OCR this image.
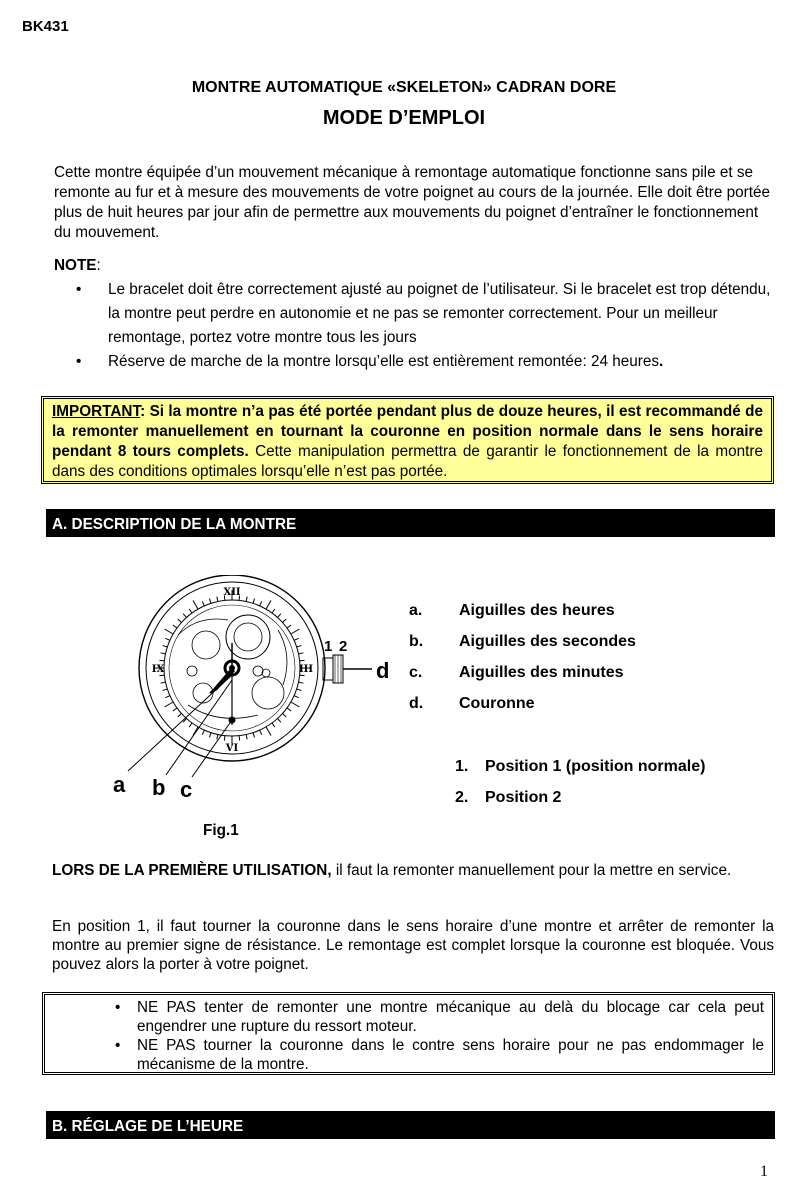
BK431
MONTRE AUTOMATIQUE «SKELETON» CADRAN DORE
MODE D’EMPLOI
Cette montre équipée d’un mouvement mécanique à remontage automatique fonctionne sans pile et se remonte au fur et à mesure des mouvements de votre poignet au cours de la journée. Elle doit être portée plus de huit heures par jour afin de permettre aux mouvements du poignet d’entraîner le fonctionnement du mouvement.
NOTE:
• Le bracelet doit être correctement ajusté au poignet de l’utilisateur. Si le bracelet est trop détendu, la montre peut perdre en autonomie et ne pas se remonter correctement. Pour un meilleur remontage, portez votre montre tous les jours
• Réserve de marche de la montre lorsqu’elle est entièrement remontée: 24 heures.
IMPORTANT: Si la montre n’a pas été portée pendant plus de douze heures, il est recommandé de la remonter manuellement en tournant la couronne en position normale dans le sens horaire pendant 8 tours complets. Cette manipulation permettra de garantir le fonctionnement de la montre dans des conditions optimales lorsqu’elle n’est pas portée.
A. DESCRIPTION DE LA MONTRE
XII
III
VI
IX
1 2
d
a b c
Fig.1
a. Aiguilles des heures
b. Aiguilles des secondes
c. Aiguilles des minutes
d. Couronne
1. Position 1 (position normale)
2. Position 2
LORS DE LA PREMIÈRE UTILISATION, il faut la remonter manuellement pour la mettre en service.
En position 1, il faut tourner la couronne dans le sens horaire d’une montre et arrêter de remonter la montre au premier signe de résistance. Le remontage est complet lorsque la couronne est bloquée. Vous pouvez alors la porter à votre poignet.
• NE PAS tenter de remonter une montre mécanique au delà du blocage car cela peut engendrer une rupture du ressort moteur.
• NE PAS tourner la couronne dans le contre sens horaire pour ne pas endommager le mécanisme de la montre.
B. RÉGLAGE DE L’HEURE
1
